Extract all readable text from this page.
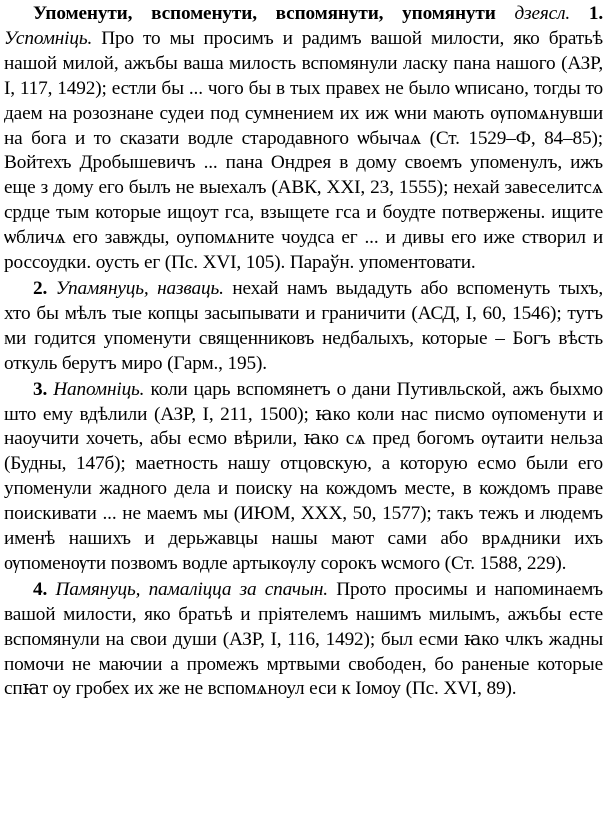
Упоменути, вспоменути, вспомянути, упомянути дзеясл. 1. Успомніць. Про то мы просимъ и радимъ вашой милости, яко братьѣ нашой милой, ажъбы ваша милость вспомянули ласку пана нашого (АЗР, I, 117, 1492); естли бы ... чого бы в тых правех не было ѡписано, тогды то даем на розознане судеи под сумнением их иж ѡни мають ѹпомѧнувши на бога и то сказати водле стародавного ѡбычаѧ (Ст. 1529–Ф, 84–85); Войтехъ Дробышевичъ ... пана Ондрея в дому своемъ упоменулъ, ижъ еще з дому его былъ не выехалъ (АВК, XXI, 23, 1555); нехай завеселитсѧ срдце тым которые ищоут гса, взыщете гса и боудте потвержены. ищите ѡбличѧ его завжды, оупомѧните чоудса ег ... и дивы его иже створил и россоудки. оусть ег (Пс. XVI, 105). Параўн. упоментовати.

2. Упамянуць, назваць. нехай намъ выдадуть або вспоменуть тыхъ, хто бы мѣлъ тые копцы засыпывати и граничити (АСД, I, 60, 1546); тутъ ми годится упоменути священниковъ недбалыхъ, которые – Богъ вѣсть откуль берутъ миро (Гарм., 195).

3. Напомніць. коли царь вспомянетъ о дани Путивльской, ажъ быхмо што ему вдѣлили (АЗР, I, 211, 1500); ꙗко коли нас писмо ѹпоменути и наоучити хочеть, абы есмо вѣрили, ꙗко сѧ пред богомъ ѹтаити нельза (Будны, 147б); маетность нашу отцовскую, а которую есмо были его упоменули жадного дела и поиску на кождомъ месте, в кождомъ праве поискивати ... не маемъ мы (ИЮМ, XXX, 50, 1577); такъ тежъ и людемъ именѣ нашихъ и дерьжавцы нашы мают сами або врѧдники ихъ ѹпоменѹти позвомъ водле артыкѹлу сорокъ ѡсмого (Ст. 1588, 229).

4. Памянуць, памаліцца за спачын. Прото просимы и напоминаемъ вашой милости, яко братьѣ и прiятелемъ нашимъ милымъ, ажъбы есте вспомянули на свои души (АЗР, I, 116, 1492); был есми ꙗко члкъ жадны помочи не маючии а промежъ мртвыми свободен, бо раненые которые спꙗт оу гробех их же не вспомѧноул еси к Іомоу (Пс. XVI, 89).
